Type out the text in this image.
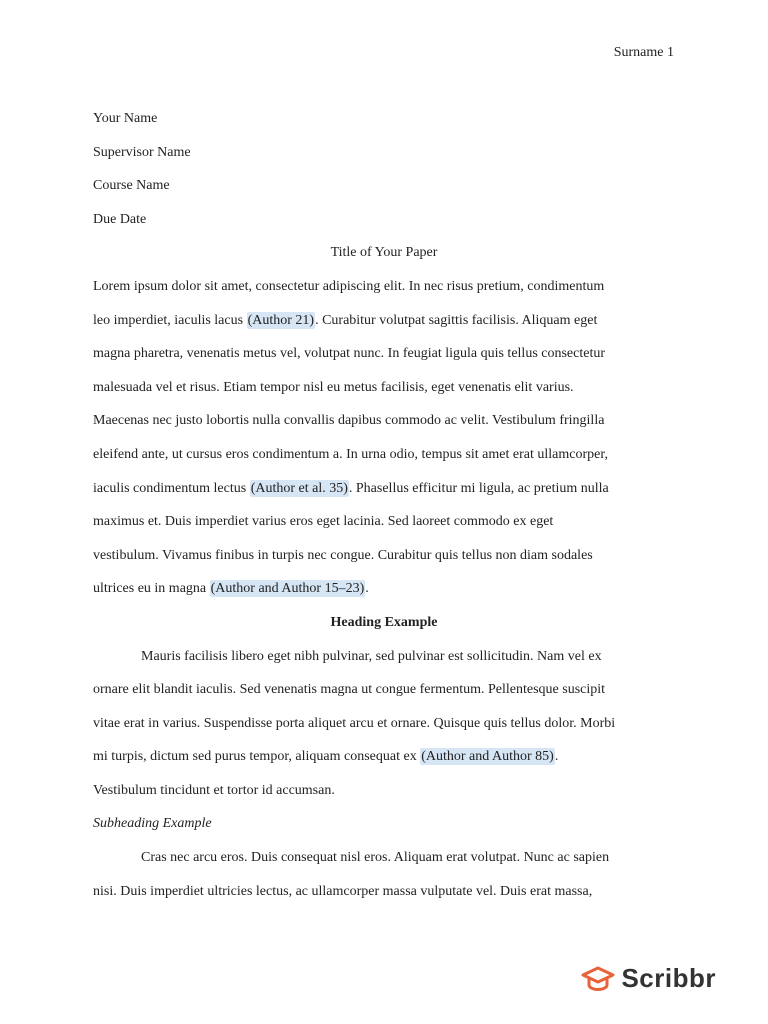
Surname 1

Your Name

Supervisor Name

Course Name

Due Date

Title of Your Paper

Lorem ipsum dolor sit amet, consectetur adipiscing elit. In nec risus pretium, condimentum

leo imperdiet, iaculis lacus (Author 21). Curabitur volutpat sagittis facilisis. Aliquam eget

magna pharetra, venenatis metus vel, volutpat nunc. In feugiat ligula quis tellus consectetur

malesuada vel et risus. Etiam tempor nisl eu metus facilisis, eget venenatis elit varius.

Maecenas nec justo lobortis nulla convallis dapibus commodo ac velit. Vestibulum fringilla

eleifend ante, ut cursus eros condimentum a. In urna odio, tempus sit amet erat ullamcorper,

iaculis condimentum lectus (Author et al. 35). Phasellus efficitur mi ligula, ac pretium nulla

maximus et. Duis imperdiet varius eros eget lacinia. Sed laoreet commodo ex eget

vestibulum. Vivamus finibus in turpis nec congue. Curabitur quis tellus non diam sodales

ultrices eu in magna (Author and Author 15–23).

Heading Example

Mauris facilisis libero eget nibh pulvinar, sed pulvinar est sollicitudin. Nam vel ex

ornare elit blandit iaculis. Sed venenatis magna ut congue fermentum. Pellentesque suscipit

vitae erat in varius. Suspendisse porta aliquet arcu et ornare. Quisque quis tellus dolor. Morbi

mi turpis, dictum sed purus tempor, aliquam consequat ex (Author and Author 85).

Vestibulum tincidunt et tortor id accumsan.

Subheading Example

Cras nec arcu eros. Duis consequat nisl eros. Aliquam erat volutpat. Nunc ac sapien

nisi. Duis imperdiet ultricies lectus, ac ullamcorper massa vulputate vel. Duis erat massa,

Scribbr
